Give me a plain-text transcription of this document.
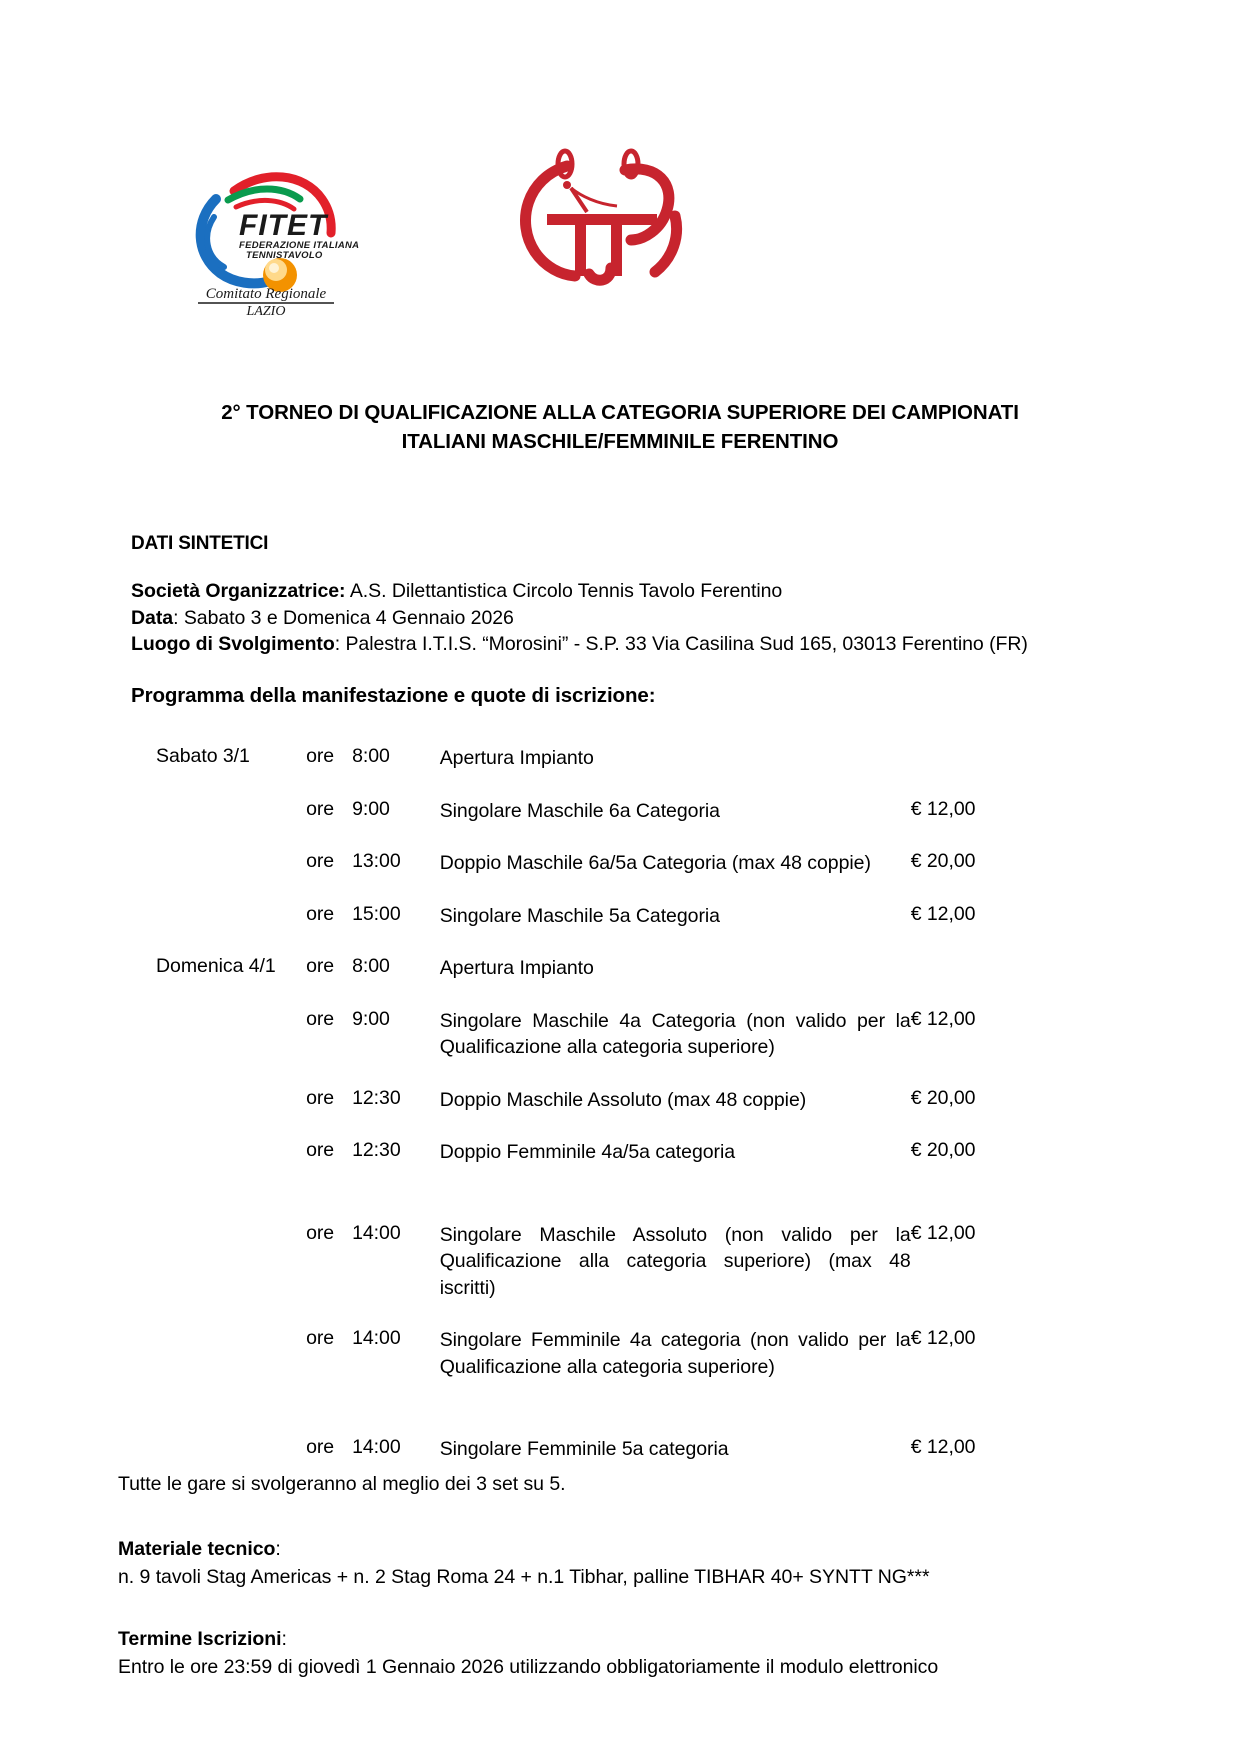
FITET
FEDERAZIONE ITALIANA
TENNISTAVOLO
Comitato Regionale
LAZIO
2° TORNEO DI QUALIFICAZIONE ALLA CATEGORIA SUPERIORE DEI CAMPIONATI
ITALIANI MASCHILE/FEMMINILE FERENTINO
DATI SINTETICI
Società Organizzatrice: A.S. Dilettantistica Circolo Tennis Tavolo Ferentino
Data: Sabato 3 e Domenica 4 Gennaio 2026
Luogo di Svolgimento: Palestra I.T.I.S. “Morosini” - S.P. 33 Via Casilina Sud 165, 03013 Ferentino (FR)
Programma della manifestazione e quote di iscrizione:
Sabato 3/1	ore	8:00	Apertura Impianto	
	ore	9:00	Singolare Maschile 6a Categoria	€ 12,00
	ore	13:00	Doppio Maschile 6a/5a Categoria (max 48 coppie)	€ 20,00
	ore	15:00	Singolare Maschile 5a Categoria	€ 12,00
Domenica 4/1	ore	8:00	Apertura Impianto	
	ore	9:00	Singolare Maschile 4a Categoria (non valido per la Qualificazione alla categoria superiore)	€ 12,00
	ore	12:30	Doppio Maschile Assoluto (max 48 coppie)	€ 20,00
	ore	12:30	Doppio Femminile 4a/5a categoria	€ 20,00
	ore	14:00	Singolare Maschile Assoluto (non valido per la Qualificazione alla categoria superiore) (max 48 iscritti)	€ 12,00
	ore	14:00	Singolare Femminile 4a categoria (non valido per la Qualificazione alla categoria superiore)	€ 12,00
	ore	14:00	Singolare Femminile 5a categoria	€ 12,00
Tutte le gare si svolgeranno al meglio dei 3 set su 5.
Materiale tecnico:
n. 9 tavoli Stag Americas + n. 2 Stag Roma 24 + n.1 Tibhar, palline TIBHAR 40+ SYNTT NG***
Termine Iscrizioni:
Entro le ore 23:59 di giovedì 1 Gennaio 2026 utilizzando obbligatoriamente il modulo elettronico
